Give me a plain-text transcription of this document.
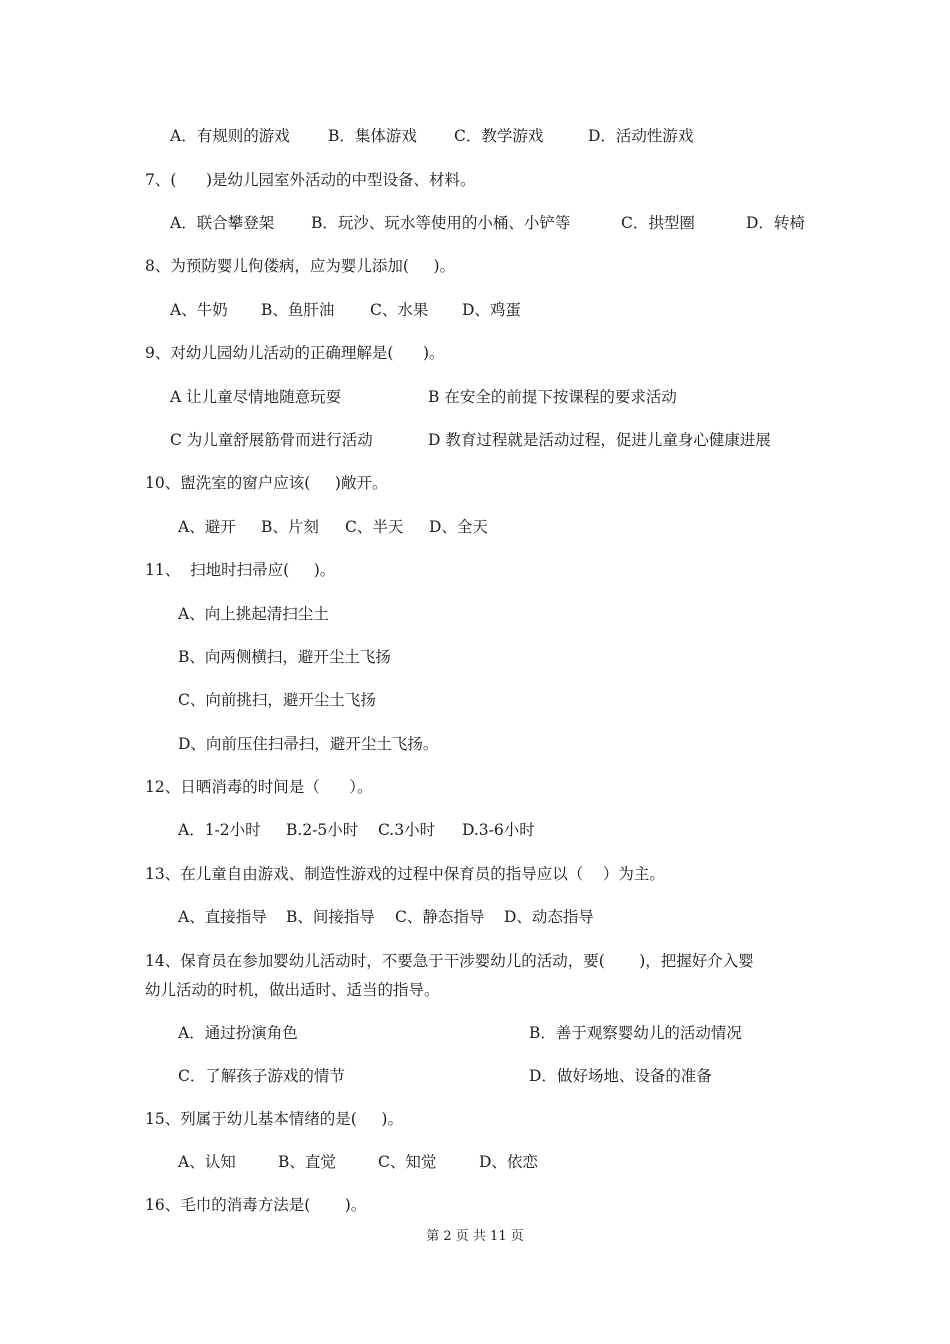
A．有规则的游戏 B．集体游戏 C．教学游戏	D．活动性游戏
7、(      )是幼儿园室外活动的中型设备、材料。
A．联合攀登架 B．玩沙、玩水等使用的小桶、小铲等	C．拱型圈	D．转椅
8、为预防婴儿佝偻病，应为婴儿添加(     )。
A、牛奶 B、鱼肝油 C、水果 D、鸡蛋
9、对幼儿园幼儿活动的正确理解是(      )。
A 让儿童尽情地随意玩耍	B 在安全的前提下按课程的要求活动
C 为儿童舒展筋骨而进行活动	D 教育过程就是活动过程，促进儿童身心健康进展
10、盥洗室的窗户应该(     )敞开。
A、避开 B、片刻 C、半天 D、全天
11、  扫地时扫帚应(     )。
A、向上挑起清扫尘土
B、向两侧横扫，避开尘土飞扬
C、向前挑扫，避开尘土飞扬
D、向前压住扫帚扫，避开尘土飞扬。
12、日晒消毒的时间是（      ）。
A．1-2小时 B.2-5小时 C.3小时 D.3-6小时
13、在儿童自由游戏、制造性游戏的过程中保育员的指导应以（    ）为主。
A、直接指导 B、间接指导 C、静态指导 D、动态指导
14、保育员在参加婴幼儿活动时，不要急于干涉婴幼儿的活动，要(       )，把握好介入婴
幼儿活动的时机，做出适时、适当的指导。
A．通过扮演角色	B．善于观察婴幼儿的活动情况
C．了解孩子游戏的情节	D．做好场地、设备的准备
15、列属于幼儿基本情绪的是(     )。
A、认知	B、直觉	C、知觉	D、依恋
16、毛巾的消毒方法是(       )。
第 2 页 共 11 页
